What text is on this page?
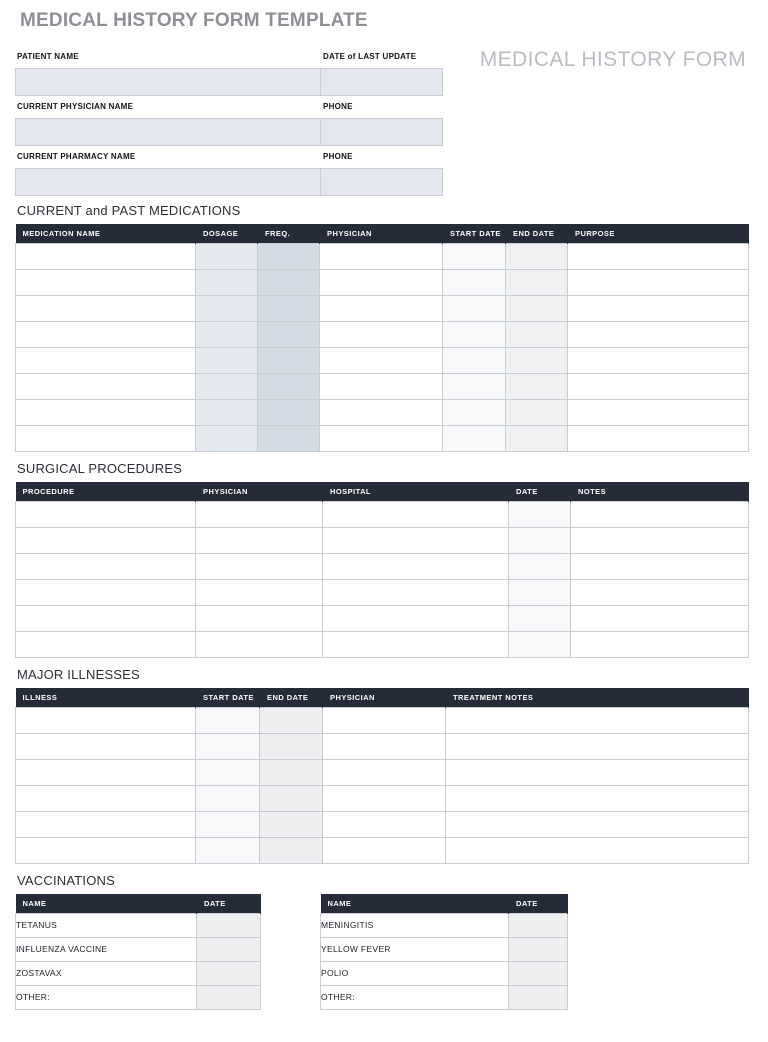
MEDICAL HISTORY FORM TEMPLATE
MEDICAL HISTORY FORM
PATIENT NAME	DATE of LAST UPDATE
CURRENT PHYSICIAN NAME	PHONE
CURRENT PHARMACY NAME	PHONE
CURRENT and PAST MEDICATIONS
MEDICATION NAME	DOSAGE	FREQ.	PHYSICIAN	START DATE	END DATE	PURPOSE

SURGICAL PROCEDURES
PROCEDURE	PHYSICIAN	HOSPITAL	DATE	NOTES

MAJOR ILLNESSES
ILLNESS	START DATE	END DATE	PHYSICIAN	TREATMENT NOTES

VACCINATIONS
NAME	DATE
TETANUS	
INFLUENZA VACCINE	
ZOSTAVAX	
OTHER:	
NAME	DATE
MENINGITIS	
YELLOW FEVER	
POLIO	
OTHER:	
